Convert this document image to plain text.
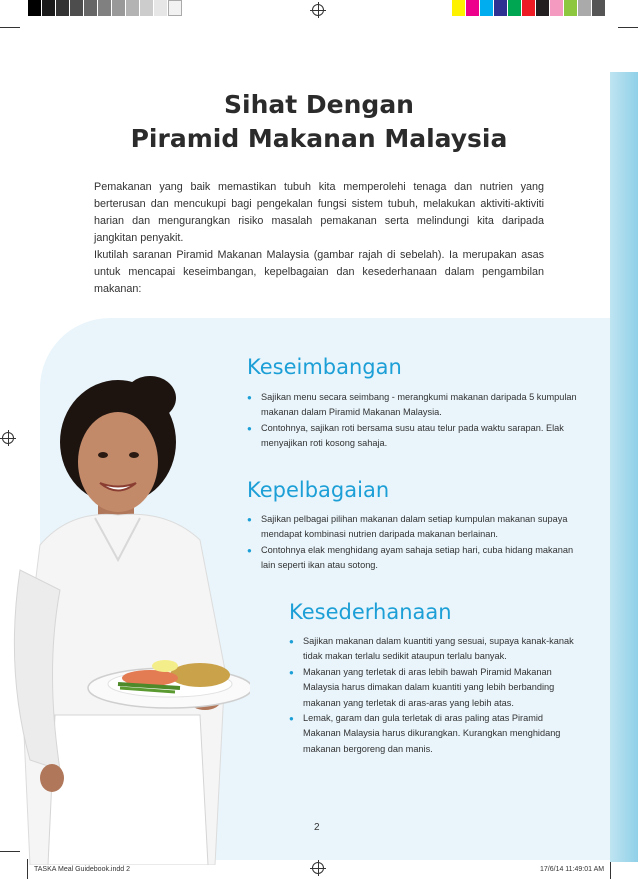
Sihat Dengan
Piramid Makanan Malaysia

Pemakanan yang baik memastikan tubuh kita memperolehi tenaga dan nutrien yang berterusan dan mencukupi bagi pengekalan fungsi sistem tubuh, melakukan aktiviti-aktiviti harian dan mengurangkan risiko masalah pemakanan serta melindungi kita daripada jangkitan penyakit.

Ikutilah saranan Piramid Makanan Malaysia (gambar rajah di sebelah). Ia merupakan asas untuk mencapai keseimbangan, kepelbagaian dan kesederhanaan dalam pengambilan makanan:

Keseimbangan
● Sajikan menu secara seimbang - merangkumi makanan daripada 5 kumpulan makanan dalam Piramid Makanan Malaysia.
● Contohnya, sajikan roti bersama susu atau telur pada waktu sarapan. Elak menyajikan roti kosong sahaja.
Kepelbagaian
● Sajikan pelbagai pilihan makanan dalam setiap kumpulan makanan supaya mendapat kombinasi nutrien daripada makanan berlainan.
● Contohnya elak menghidang ayam sahaja setiap hari, cuba hidang makanan lain seperti ikan atau sotong.
Kesederhanaan
● Sajikan makanan dalam kuantiti yang sesuai, supaya kanak-kanak tidak makan terlalu sedikit ataupun terlalu banyak.
● Makanan yang terletak di aras lebih bawah Piramid Makanan Malaysia harus dimakan dalam kuantiti yang lebih berbanding makanan yang terletak di aras-aras yang lebih atas.
● Lemak, garam dan gula terletak di aras paling atas Piramid Makanan Malaysia harus dikurangkan. Kurangkan menghidang makanan bergoreng dan manis.
2
TASKA Meal Guidebook.indd 2	17/6/14 11:49:01 AM
